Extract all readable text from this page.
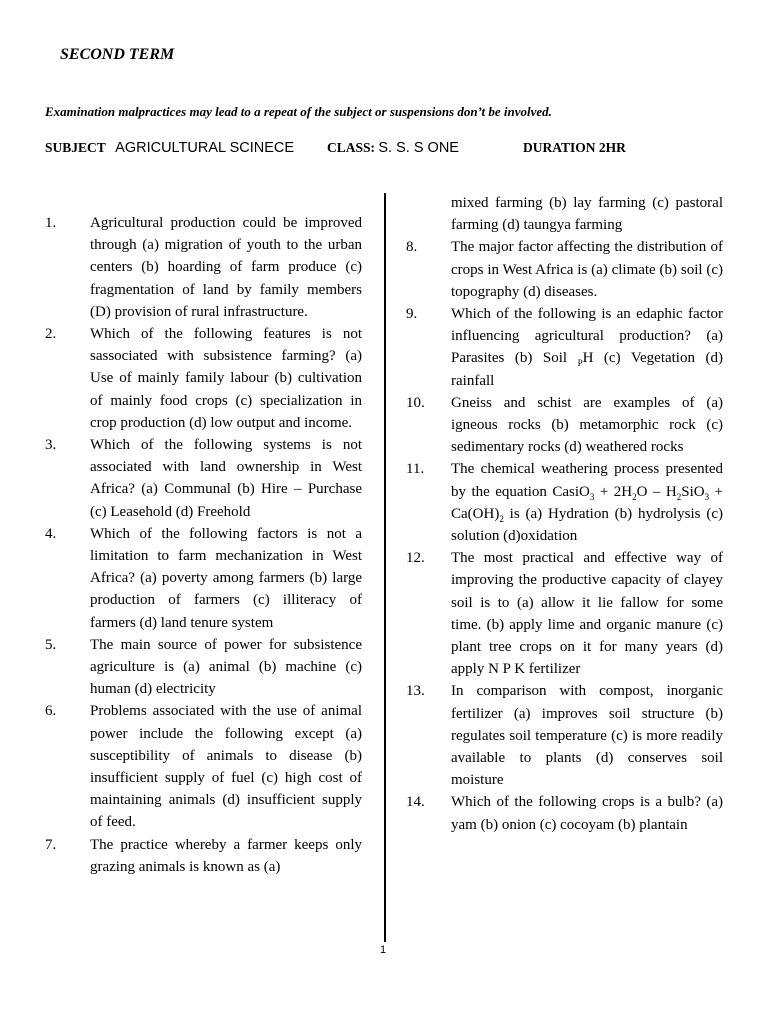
SECOND TERM
Examination malpractices may lead to a repeat of the subject or suspensions don’t be involved.
SUBJECT AGRICULTURAL SCINECE CLASS: S. S. S ONE	DURATION 2HR
1.	Agricultural production could be improved through (a) migration of youth to the urban centers (b) hoarding of farm produce (c) fragmentation of land by family members (D) provision of rural infrastructure.
2.	Which of the following features is not sassociated with subsistence farming? (a) Use of mainly family labour (b) cultivation of mainly food crops (c) specialization in crop production (d) low output and income.
3.	Which of the following systems is not associated with land ownership in West Africa? (a) Communal (b) Hire – Purchase (c) Leasehold (d) Freehold
4.	Which of the following factors is not a limitation to farm mechanization in West Africa? (a) poverty among farmers (b) large production of farmers (c) illiteracy of farmers (d) land tenure system
5.	The main source of power for subsistence agriculture is (a) animal (b) machine (c) human (d) electricity
6.	Problems associated with the use of animal power include the following except (a) susceptibility of animals to disease (b) insufficient supply of fuel (c) high cost of maintaining animals (d) insufficient supply of feed.
7.	The practice whereby a farmer keeps only grazing animals is known as (a)
mixed farming (b) lay farming (c) pastoral farming (d) taungya farming
8.	The major factor affecting the distribution of crops in West Africa is (a) climate (b) soil (c) topography (d) diseases.
9.	Which of the following is an edaphic factor influencing agricultural production? (a) Parasites (b) Soil $_P$H (c) Vegetation (d) rainfall
10.	Gneiss and schist are examples of (a) igneous rocks (b) metamorphic rock (c) sedimentary rocks (d) weathered rocks
11.	The chemical weathering process presented by the equation CasiO$_3$ + $2H_2O - H_2SiO_3 + Ca(OH)_2$ is (a) Hydration (b) hydrolysis (c) solution (d)oxidation
12.	The most practical and effective way of improving the productive capacity of clayey soil is to (a) allow it lie fallow for some time. (b) apply lime and organic manure (c) plant tree crops on it for many years (d) apply N P K fertilizer
13.	In comparison with compost, inorganic fertilizer (a) improves soil structure (b) regulates soil temperature (c) is more readily available to plants (d) conserves soil moisture
14.	Which of the following crops is a bulb? (a) yam (b) onion (c) cocoyam (b) plantain
1
